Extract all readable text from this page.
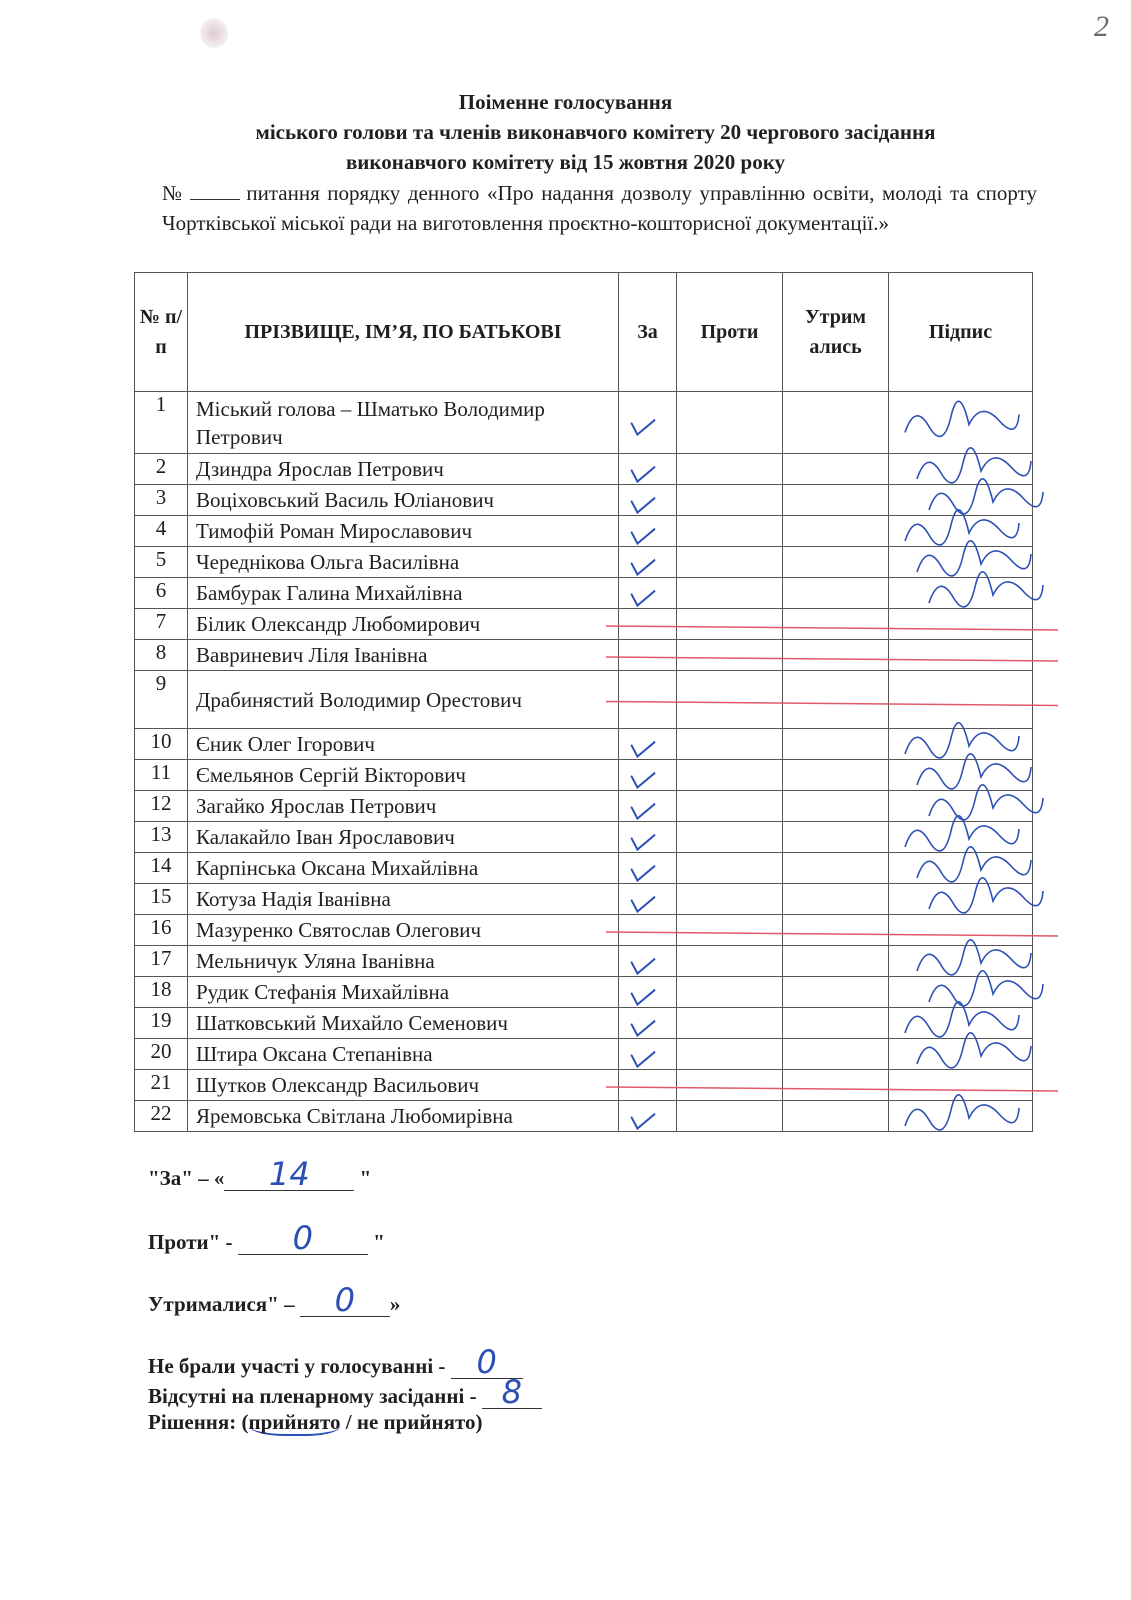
2
Поіменне голосування
міського голови та членів виконавчого комітету 20 чергового засідання
виконавчого комітету від 15 жовтня 2020 року
№	питання порядку денного «Про надання дозволу управлінню освіти, молоді та спорту Чортківської міської ради на виготовлення проєктно-кошторисної документації.»
№ п/п	ПРІЗВИЩЕ, ІМ’Я, ПО БАТЬКОВІ	За	Проти	Утрим ались	Підпис
1	Міський голова – Шматько Володимир Петрович				
2	Дзиндра Ярослав Петрович				
3	Воціховський Василь Юліанович				
4	Тимофій Роман Мирославович				
5	Череднікова Ольга Василівна				
6	Бамбурак Галина Михайлівна				
7	Білик Олександр Любомирович				
8	Вавриневич Ліля Іванівна				
9	Драбинястий Володимир Орестович				
10	Єник Олег Ігорович				
11	Ємельянов Сергій Вікторович				
12	Загайко Ярослав Петрович				
13	Калакайло Іван Ярославович				
14	Карпінська Оксана Михайлівна				
15	Котуза Надія Іванівна				
16	Мазуренко Святослав Олегович				
17	Мельничук Уляна Іванівна				
18	Рудик Стефанія Михайлівна				
19	Шатковський Михайло Семенович				
20	Штира Оксана Степанівна				
21	Шутков Олександр Васильович				
22	Яремовська Світлана Любомирівна				
"За" – « 14 "
Проти" - 0	"
Утрималися" – 0 »
Не брали участі у голосуванні - 0
Відсутні на пленарному засіданні - 8
Рішення: (прийнято / не прийнято)
